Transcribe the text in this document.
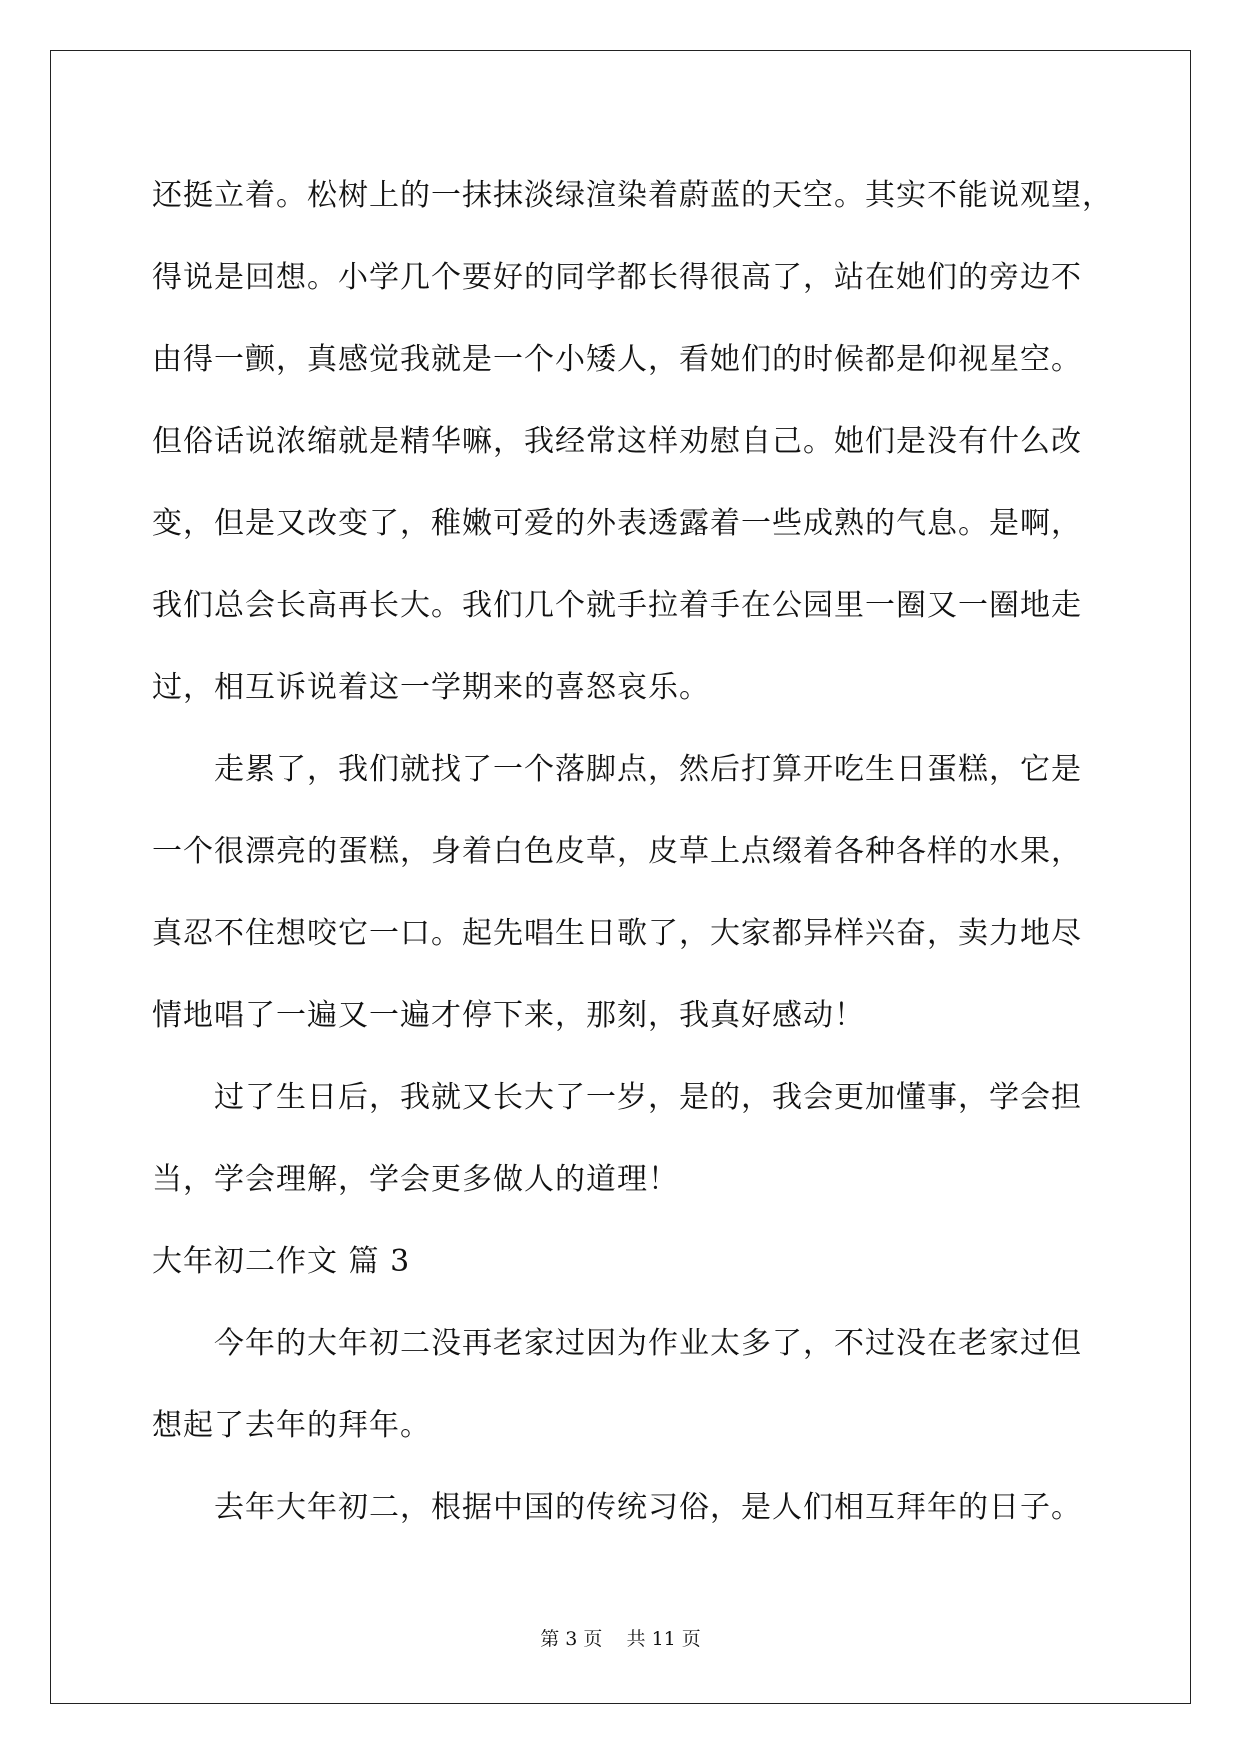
还挺立着。松树上的一抹抹淡绿渲染着蔚蓝的天空。其实不能说观望，
得说是回想。小学几个要好的同学都长得很高了，站在她们的旁边不
由得一颤，真感觉我就是一个小矮人，看她们的时候都是仰视星空。
但俗话说浓缩就是精华嘛，我经常这样劝慰自己。她们是没有什么改
变，但是又改变了，稚嫩可爱的外表透露着一些成熟的气息。是啊，
我们总会长高再长大。我们几个就手拉着手在公园里一圈又一圈地走
过，相互诉说着这一学期来的喜怒哀乐。
走累了，我们就找了一个落脚点，然后打算开吃生日蛋糕，它是
一个很漂亮的蛋糕，身着白色皮草，皮草上点缀着各种各样的水果，
真忍不住想咬它一口。起先唱生日歌了，大家都异样兴奋，卖力地尽
情地唱了一遍又一遍才停下来，那刻，我真好感动！
过了生日后，我就又长大了一岁，是的，我会更加懂事，学会担
当，学会理解，学会更多做人的道理！
大年初二作文 篇 3
今年的大年初二没再老家过因为作业太多了，不过没在老家过但
想起了去年的拜年。
去年大年初二，根据中国的传统习俗，是人们相互拜年的日子。
第 3 页    共 11 页
